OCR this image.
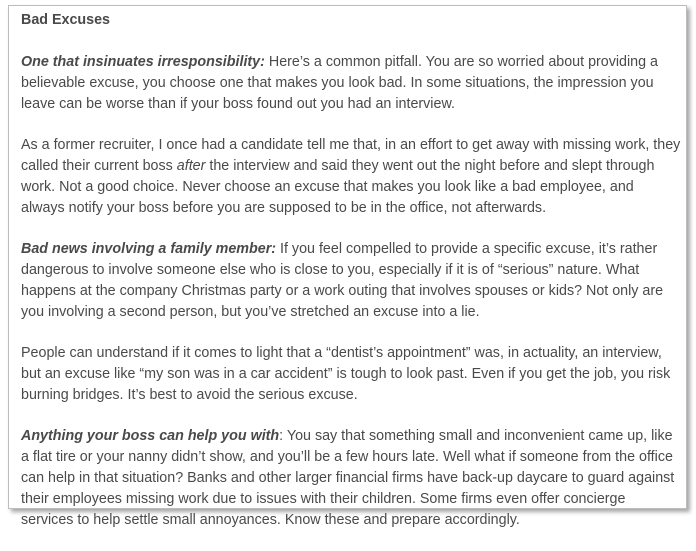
Bad Excuses

One that insinuates irresponsibility: Here’s a common pitfall. You are so worried about providing a believable excuse, you choose one that makes you look bad. In some situations, the impression you leave can be worse than if your boss found out you had an interview.

As a former recruiter, I once had a candidate tell me that, in an effort to get away with missing work, they called their current boss after the interview and said they went out the night before and slept through work. Not a good choice. Never choose an excuse that makes you look like a bad employee, and always notify your boss before you are supposed to be in the office, not afterwards.

Bad news involving a family member: If you feel compelled to provide a specific excuse, it’s rather dangerous to involve someone else who is close to you, especially if it is of “serious” nature. What happens at the company Christmas party or a work outing that involves spouses or kids? Not only are you involving a second person, but you’ve stretched an excuse into a lie.

People can understand if it comes to light that a “dentist’s appointment” was, in actuality, an interview, but an excuse like “my son was in a car accident” is tough to look past. Even if you get the job, you risk burning bridges. It’s best to avoid the serious excuse.

Anything your boss can help you with: You say that something small and inconvenient came up, like a flat tire or your nanny didn’t show, and you’ll be a few hours late. Well what if someone from the office can help in that situation? Banks and other larger financial firms have back-up daycare to guard against their employees missing work due to issues with their children. Some firms even offer concierge services to help settle small annoyances. Know these and prepare accordingly.
